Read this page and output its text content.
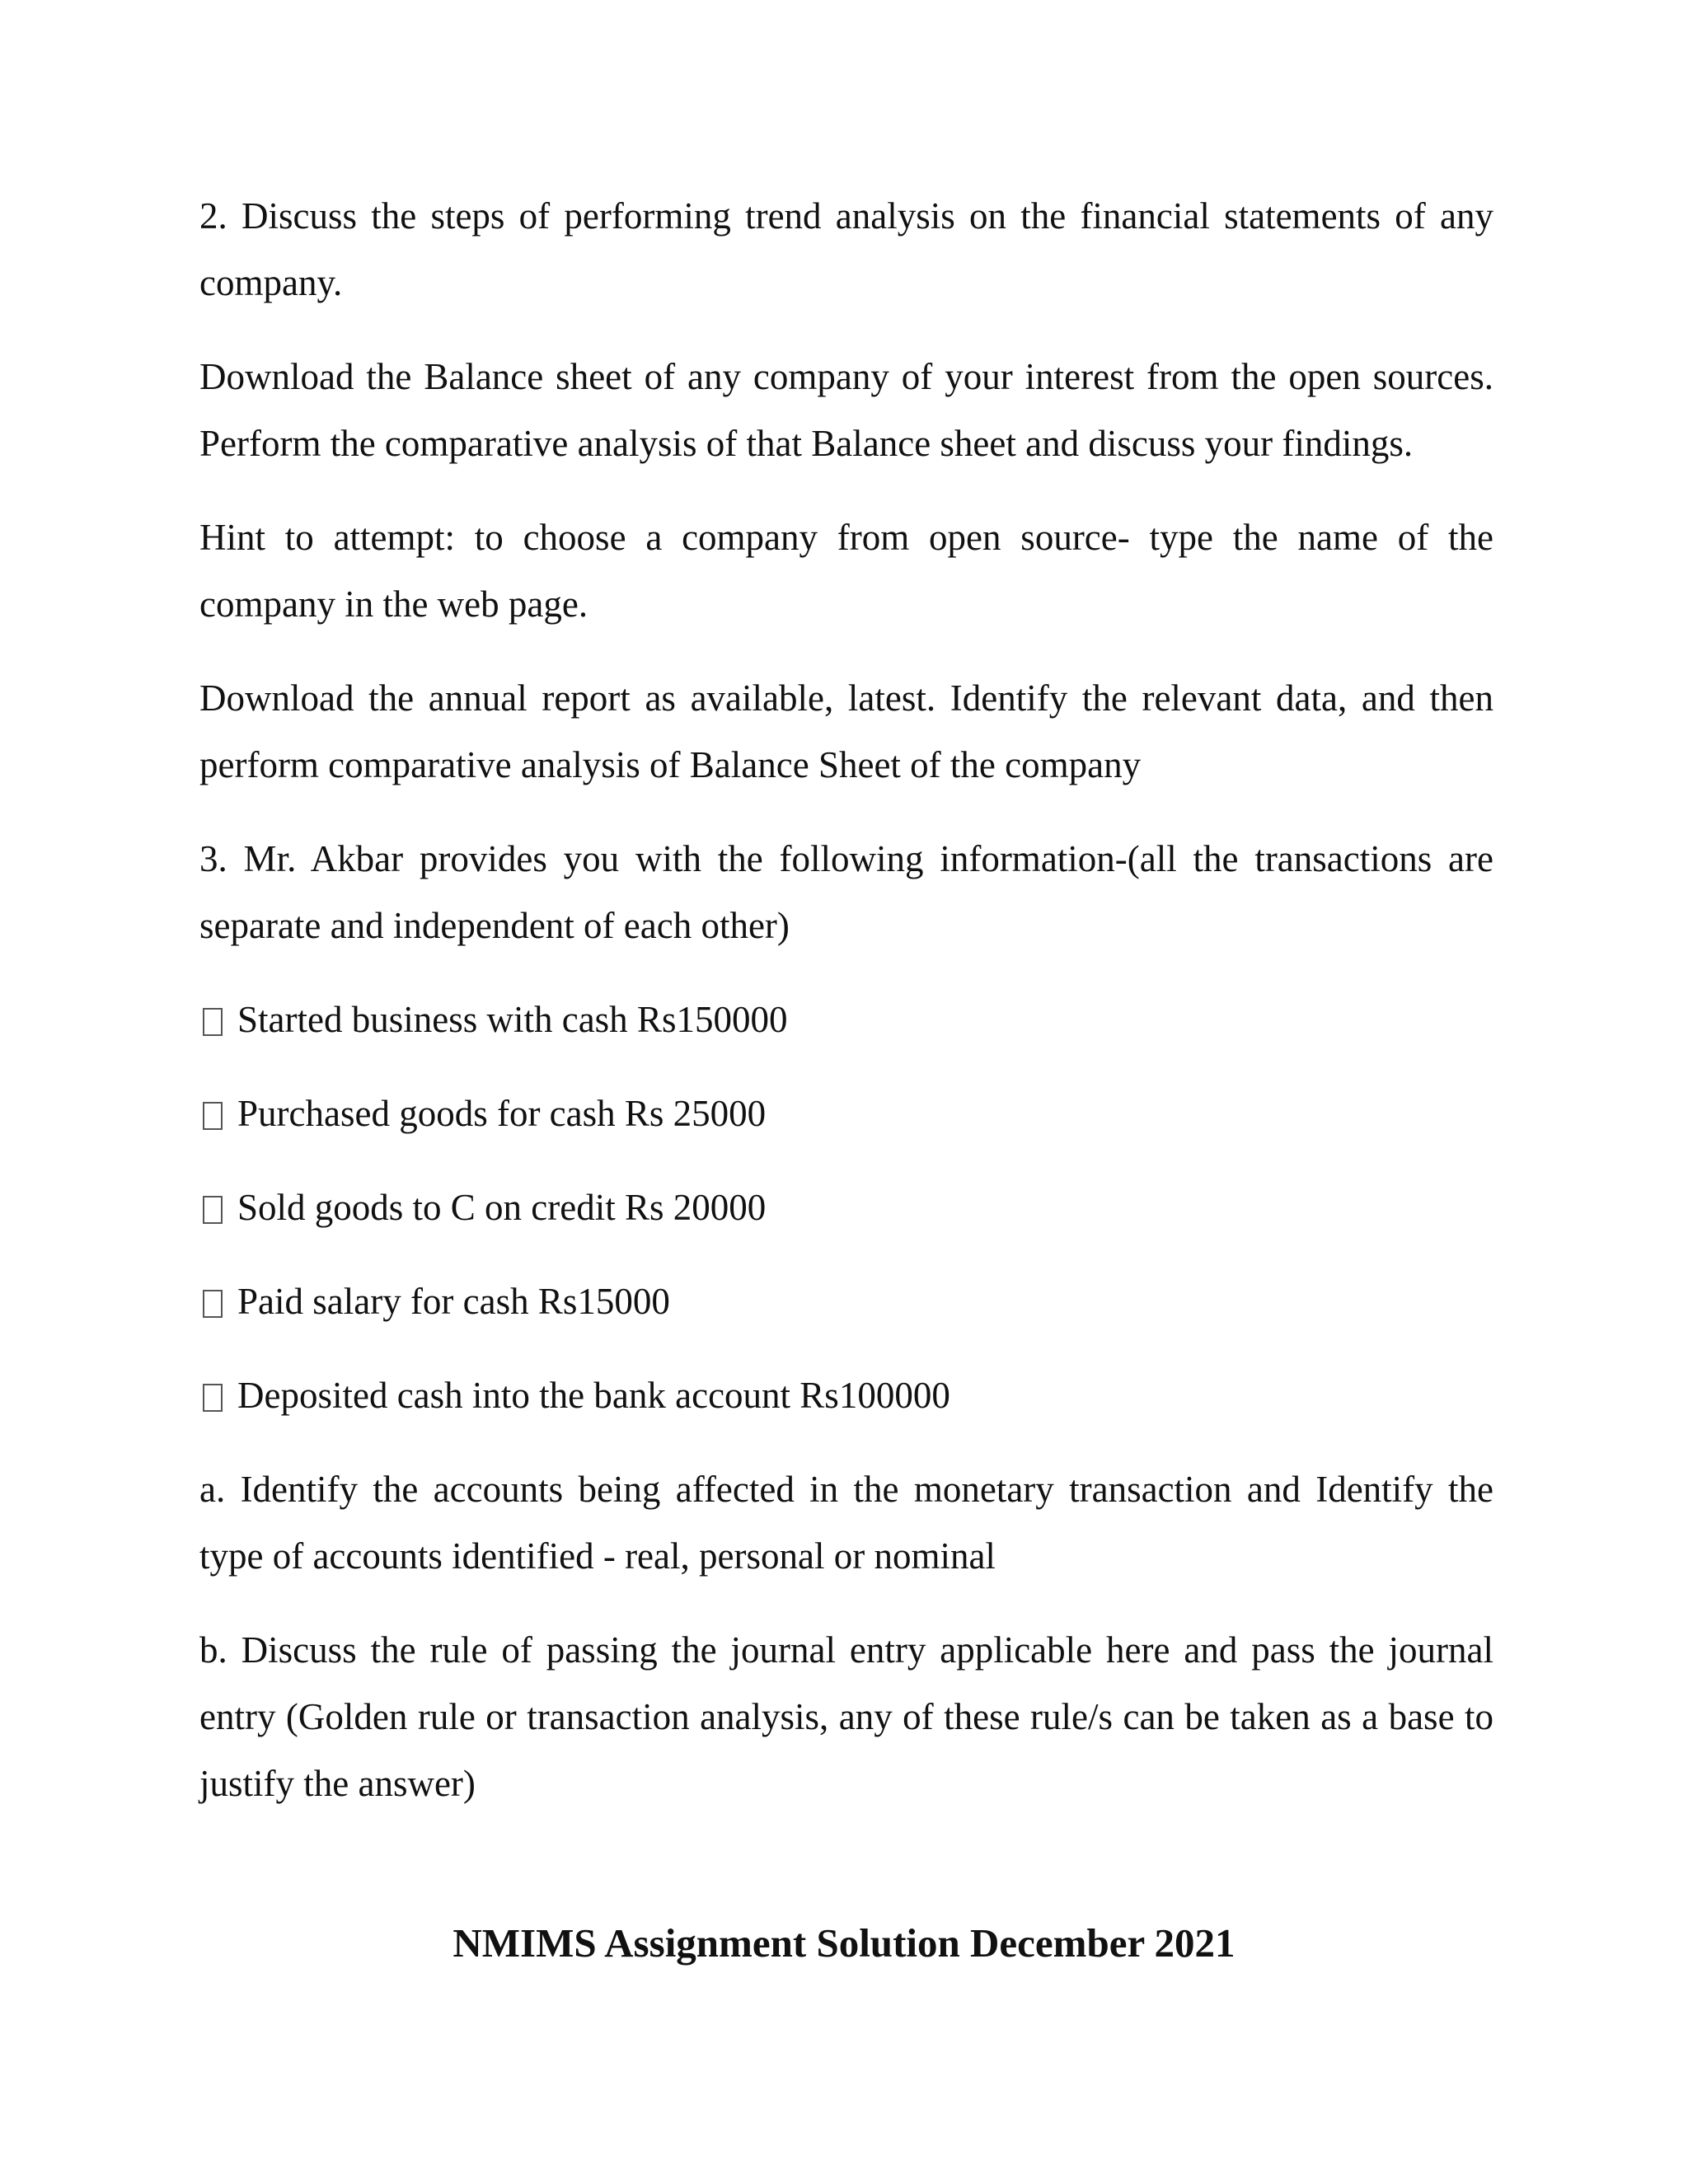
2. Discuss the steps of performing trend analysis on the financial statements of any company.

Download the Balance sheet of any company of your interest from the open sources. Perform the comparative analysis of that Balance sheet and discuss your findings.

Hint to attempt: to choose a company from open source- type the name of the company in the web page.

Download the annual report as available, latest. Identify the relevant data, and then perform comparative analysis of Balance Sheet of the company

3. Mr. Akbar provides you with the following information-(all the transactions are separate and independent of each other)

Started business with cash Rs150000

Purchased goods for cash Rs 25000

Sold goods to C on credit Rs 20000

Paid salary for cash Rs15000

Deposited cash into the bank account Rs100000

a. Identify the accounts being affected in the monetary transaction and Identify the type of accounts identified - real, personal or nominal

b. Discuss the rule of passing the journal entry applicable here and pass the journal entry (Golden rule or transaction analysis, any of these rule/s can be taken as a base to justify the answer)

NMIMS Assignment Solution December 2021
